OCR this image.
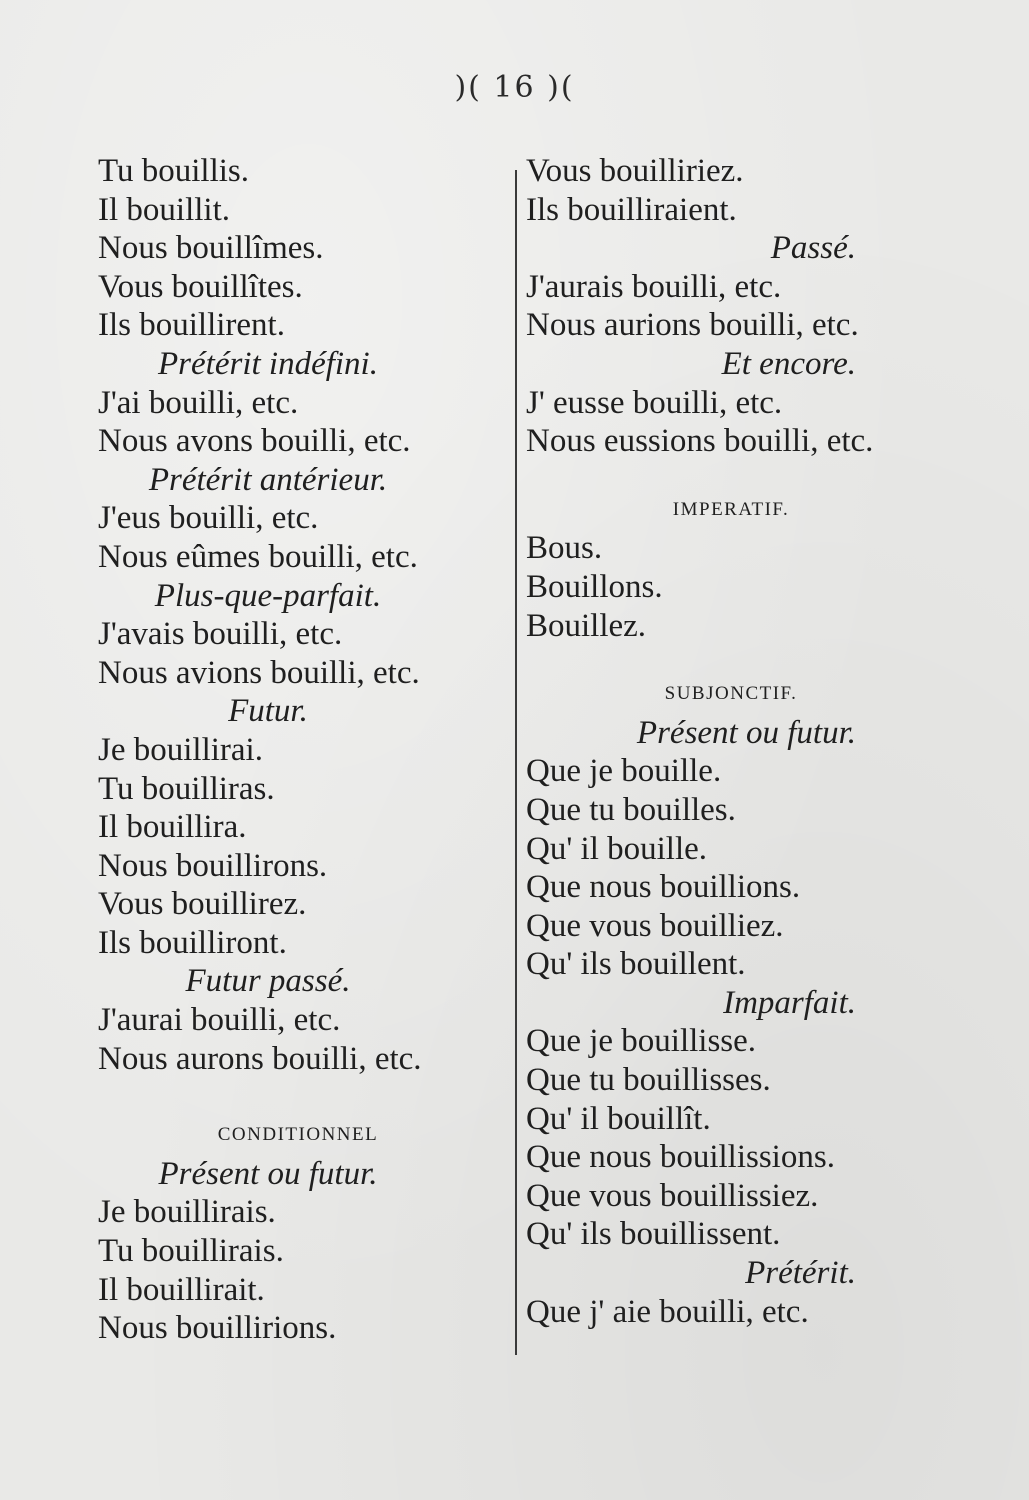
)( 16 )(
Tu bouillis.
Il bouillit.
Nous bouillîmes.
Vous bouillîtes.
Ils bouillirent.
Prétérit indéfini.
J'ai bouilli, etc.
Nous avons bouilli, etc.
Prétérit antérieur.
J'eus bouilli, etc.
Nous eûmes bouilli, etc.
Plus-que-parfait.
J'avais bouilli, etc.
Nous avions bouilli, etc.
Futur.
Je bouillirai.
Tu bouilliras.
Il bouillira.
Nous bouillirons.
Vous bouillirez.
Ils bouilliront.
Futur passé.
J'aurai bouilli, etc.
Nous aurons bouilli, etc.
CONDITIONNEL
Présent ou futur.
Je bouillirais.
Tu bouillirais.
Il bouillirait.
Nous bouillirions.
Vous bouilliriez.
Ils bouilliraient.
Passé.
J'aurais bouilli, etc.
Nous aurions bouilli, etc.
Et encore.
J' eusse bouilli, etc.
Nous eussions bouilli, etc.
IMPERATIF.
Bous.
Bouillons.
Bouillez.
SUBJONCTIF.
Présent ou futur.
Que je bouille.
Que tu bouilles.
Qu' il bouille.
Que nous bouillions.
Que vous bouilliez.
Qu' ils bouillent.
Imparfait.
Que je bouillisse.
Que tu bouillisses.
Qu' il bouillît.
Que nous bouillissions.
Que vous bouillissiez.
Qu' ils bouillissent.
Prétérit.
Que j' aie bouilli, etc.
